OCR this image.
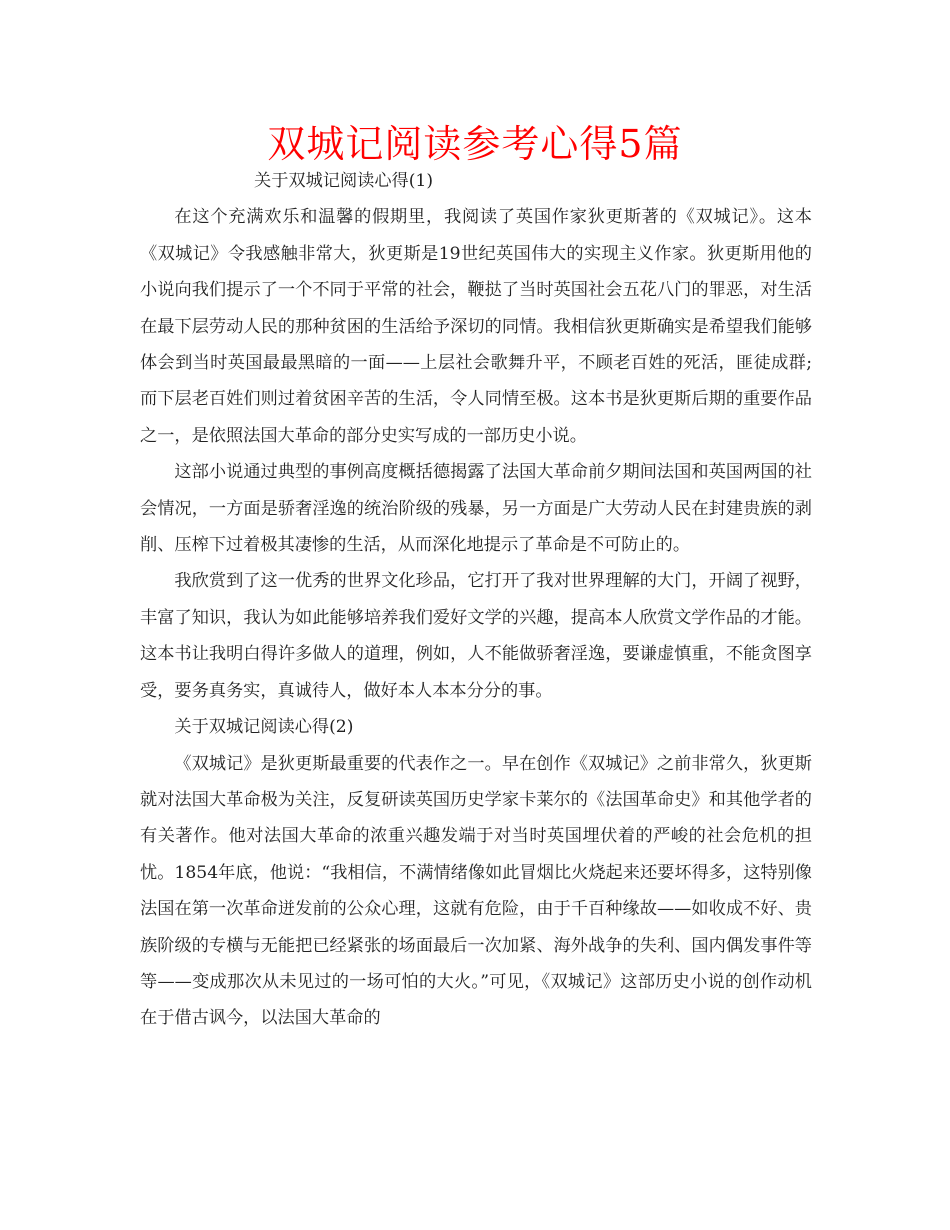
双城记阅读参考心得5篇

关于双城记阅读心得(1)

在这个充满欢乐和温馨的假期里，我阅读了英国作家狄更斯著的《双城记》。这本《双城记》令我感触非常大，狄更斯是19世纪英国伟大的实现主义作家。狄更斯用他的小说向我们提示了一个不同于平常的社会，鞭挞了当时英国社会五花八门的罪恶，对生活在最下层劳动人民的那种贫困的生活给予深切的同情。我相信狄更斯确实是希望我们能够体会到当时英国最最黑暗的一面——上层社会歌舞升平，不顾老百姓的死活，匪徒成群;而下层老百姓们则过着贫困辛苦的生活，令人同情至极。这本书是狄更斯后期的重要作品之一，是依照法国大革命的部分史实写成的一部历史小说。

这部小说通过典型的事例高度概括德揭露了法国大革命前夕期间法国和英国两国的社会情况，一方面是骄奢淫逸的统治阶级的残暴，另一方面是广大劳动人民在封建贵族的剥削、压榨下过着极其凄惨的生活，从而深化地提示了革命是不可防止的。

我欣赏到了这一优秀的世界文化珍品，它打开了我对世界理解的大门，开阔了视野，丰富了知识，我认为如此能够培养我们爱好文学的兴趣，提高本人欣赏文学作品的才能。这本书让我明白得许多做人的道理，例如，人不能做骄奢淫逸，要谦虚慎重，不能贪图享受，要务真务实，真诚待人，做好本人本本分分的事。

关于双城记阅读心得(2)

《双城记》是狄更斯最重要的代表作之一。早在创作《双城记》之前非常久，狄更斯就对法国大革命极为关注，反复研读英国历史学家卡莱尔的《法国革命史》和其他学者的有关著作。他对法国大革命的浓重兴趣发端于对当时英国埋伏着的严峻的社会危机的担忧。1854年底，他说：“我相信，不满情绪像如此冒烟比火烧起来还要坏得多，这特别像法国在第一次革命迸发前的公众心理，这就有危险，由于千百种缘故——如收成不好、贵族阶级的专横与无能把已经紧张的场面最后一次加紧、海外战争的失利、国内偶发事件等等——变成那次从未见过的一场可怕的大火。”可见，《双城记》这部历史小说的创作动机在于借古讽今，以法国大革命的
